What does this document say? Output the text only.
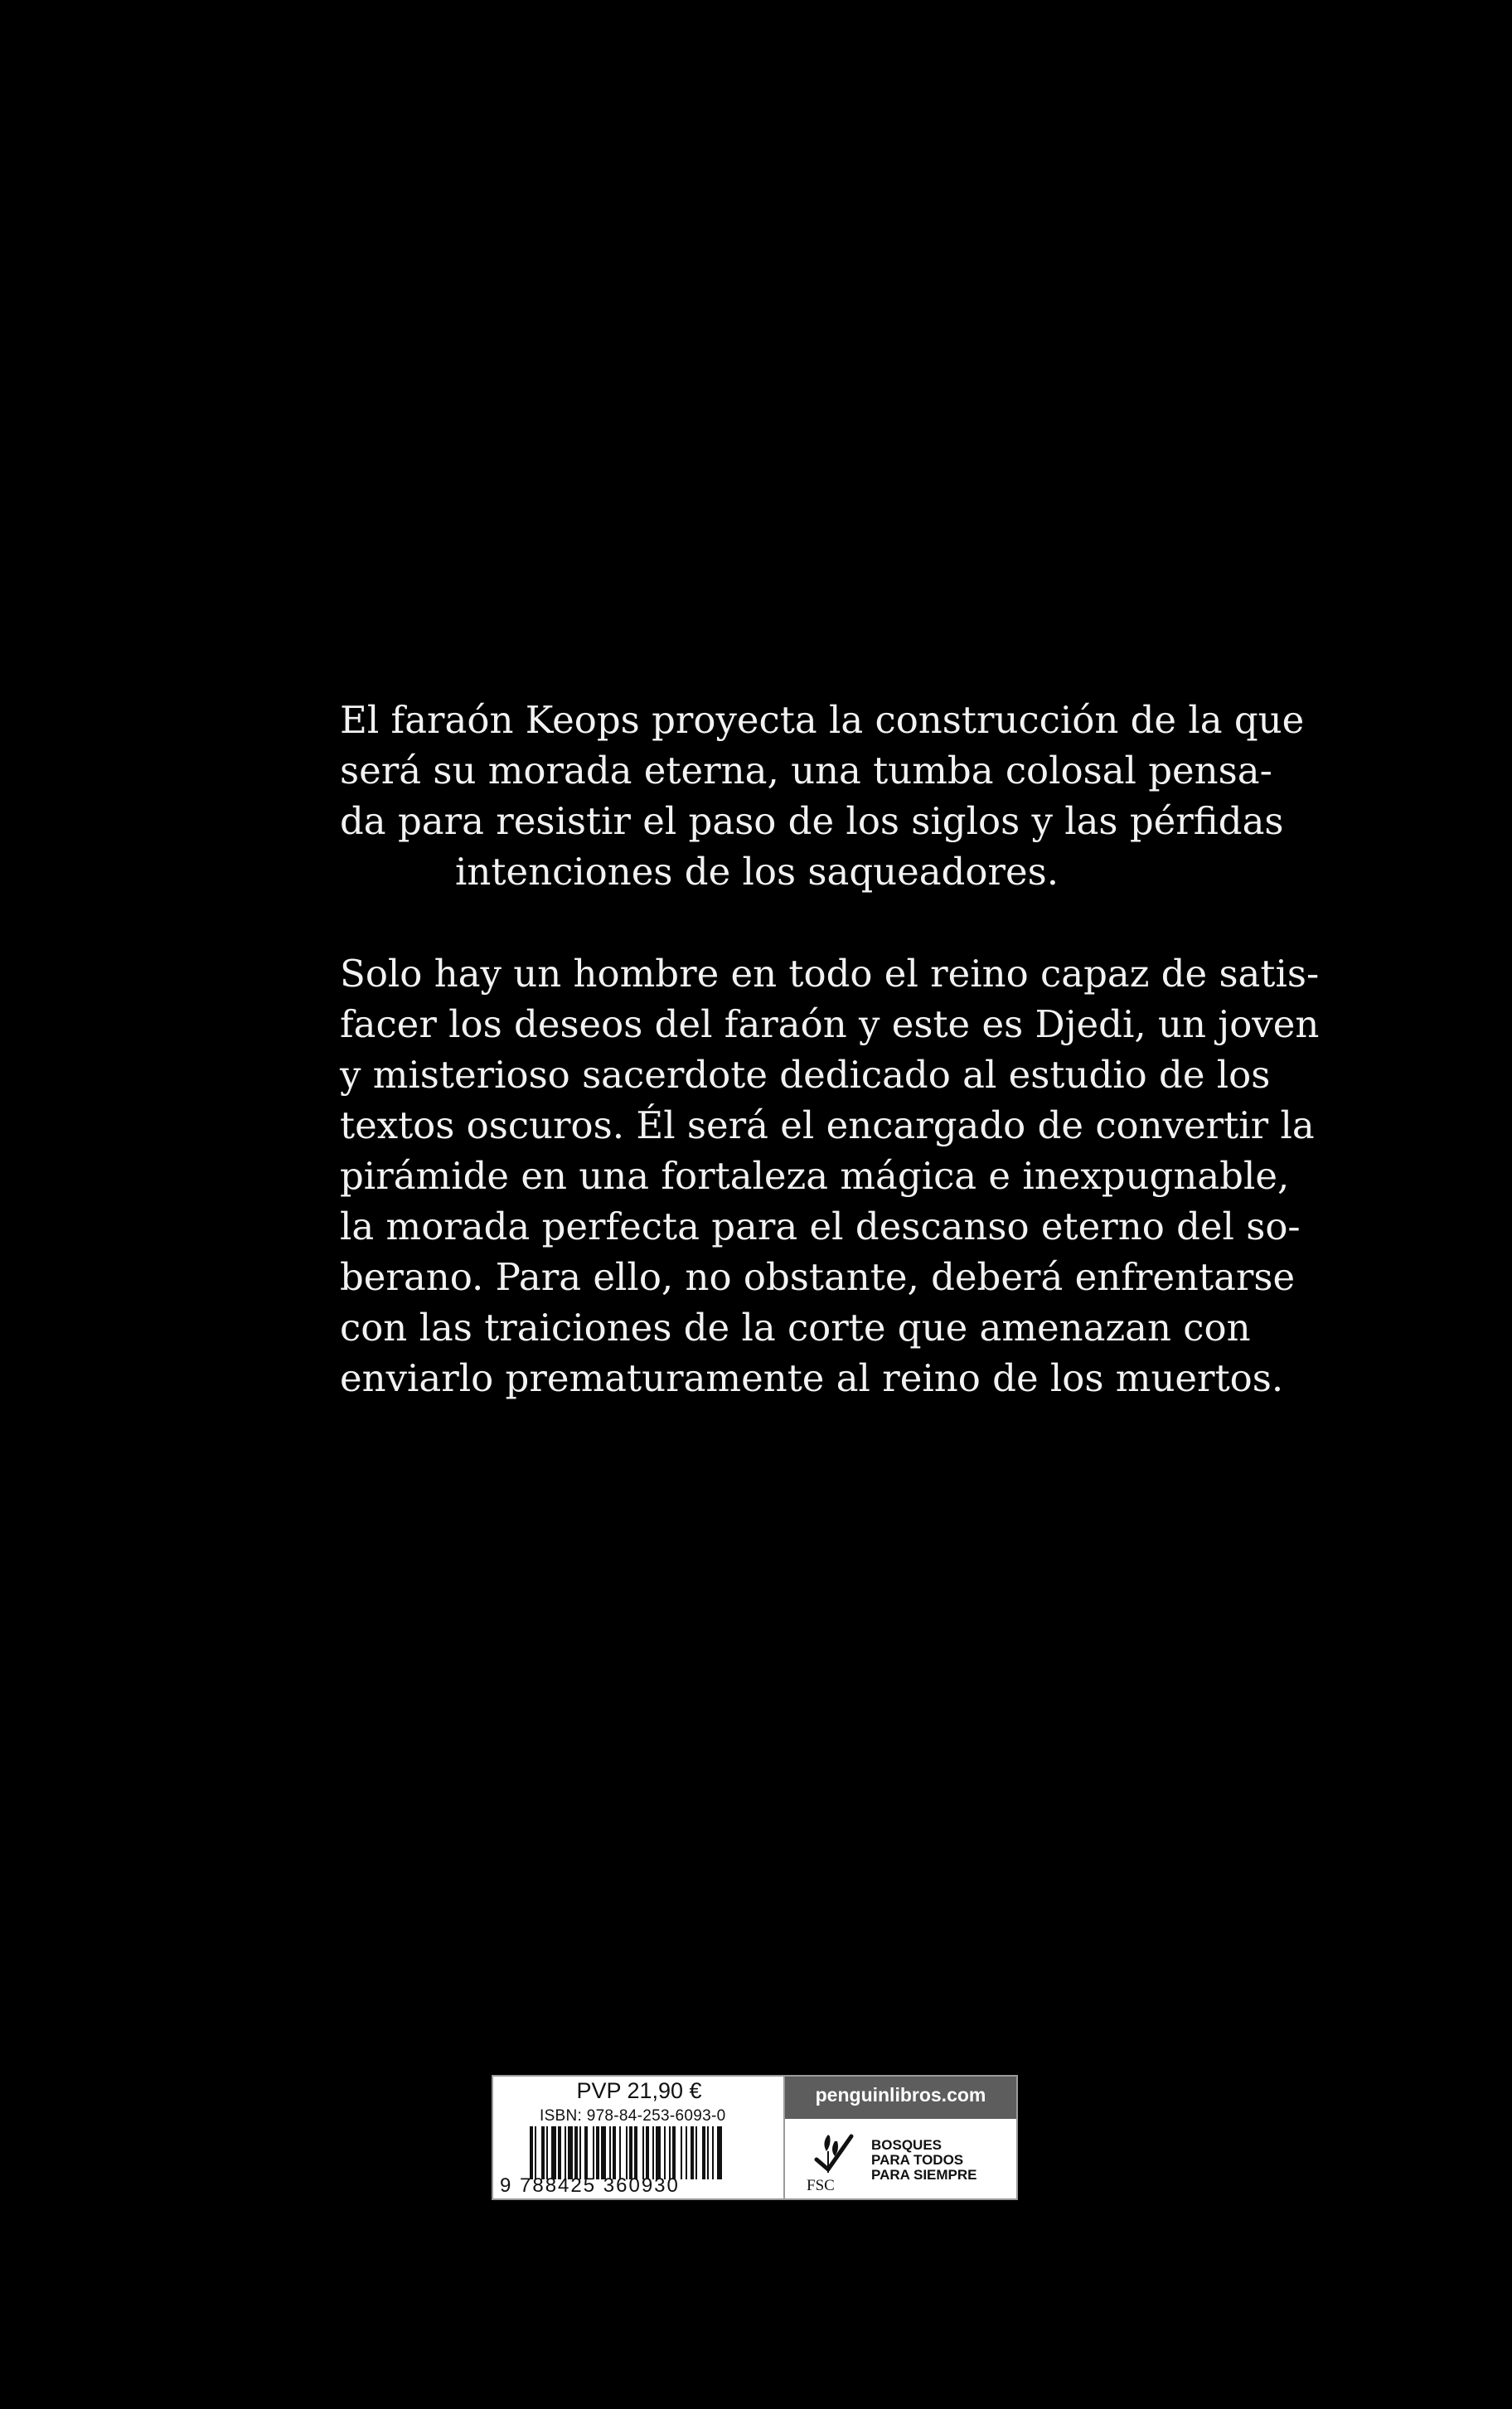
El faraón Keops proyecta la construcción de la que
será su morada eterna, una tumba colosal pensa-
da para resistir el paso de los siglos y las pérfidas
intenciones de los saqueadores.
Solo hay un hombre en todo el reino capaz de satis-
facer los deseos del faraón y este es Djedi, un joven
y misterioso sacerdote dedicado al estudio de los
textos oscuros. Él será el encargado de convertir la
pirámide en una fortaleza mágica e inexpugnable,
la morada perfecta para el descanso eterno del so-
berano. Para ello, no obstante, deberá enfrentarse
con las traiciones de la corte que amenazan con
enviarlo prematuramente al reino de los muertos.
PVP 21,90 €
ISBN: 978-84-253-6093-0
9 788425 360930
penguinlibros.com
FSC
BOSQUES
PARA TODOS
PARA SIEMPRE
